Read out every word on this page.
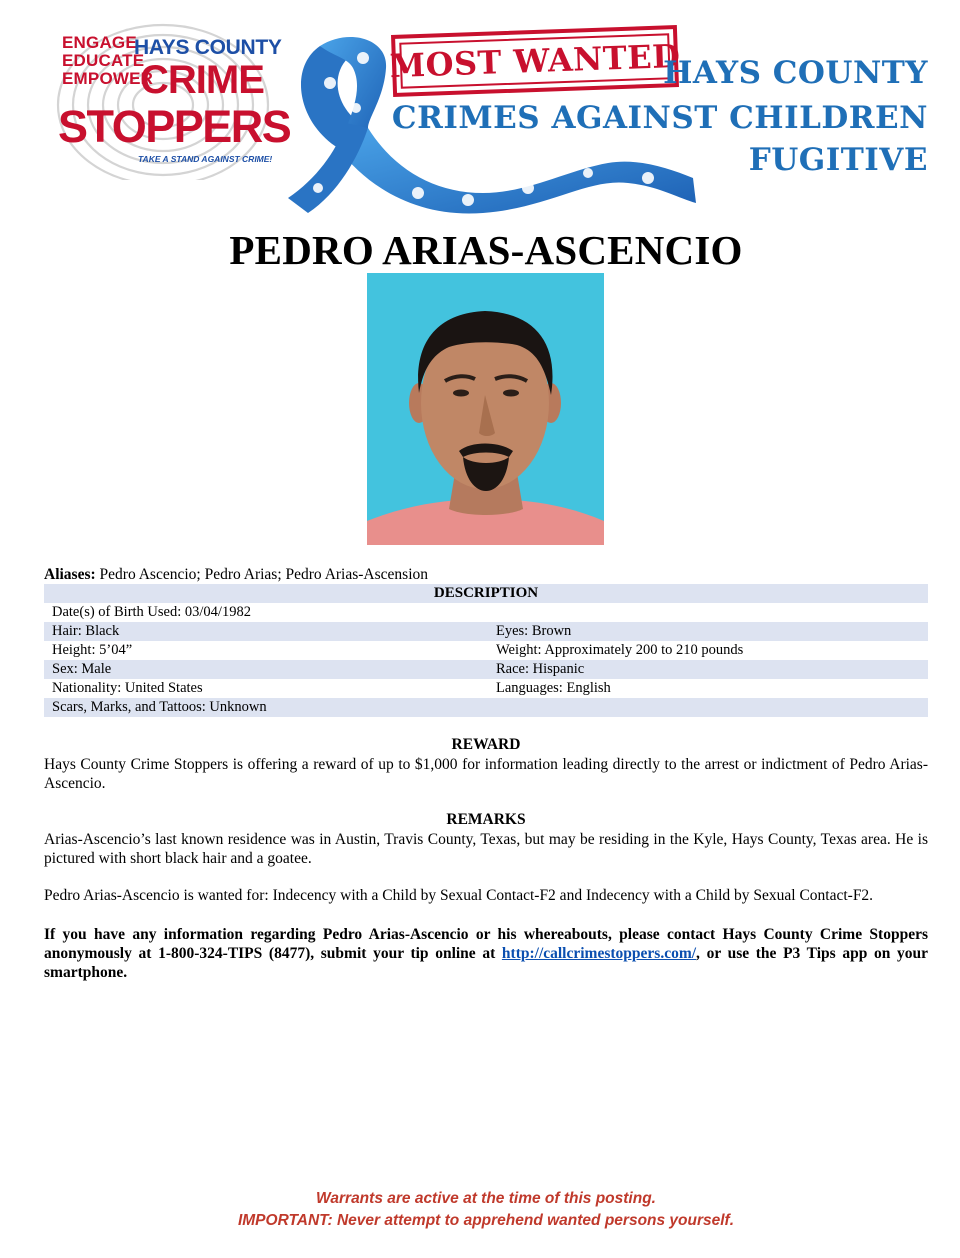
ENGAGE
EDUCATE
EMPOWER
HAYS COUNTY
CRIME
STOPPERS
TAKE A STAND AGAINST CRIME!
MOST WANTED
HAYS COUNTY
CRIMES AGAINST CHILDREN
FUGITIVE
PEDRO ARIAS-ASCENCIO
Aliases: Pedro Ascencio; Pedro Arias; Pedro Arias-Ascension
DESCRIPTION
Date(s) of Birth Used: 03/04/1982
Hair: Black	Eyes: Brown
Height: 5’04”	Weight: Approximately 200 to 210 pounds
Sex: Male	Race: Hispanic
Nationality: United States	Languages: English
Scars, Marks, and Tattoos: Unknown
REWARD
Hays County Crime Stoppers is offering a reward of up to $1,000 for information leading directly to the arrest or indictment of Pedro Arias-Ascencio.
REMARKS
Arias-Ascencio’s last known residence was in Austin, Travis County, Texas, but may be residing in the Kyle, Hays County, Texas area. He is pictured with short black hair and a goatee.
Pedro Arias-Ascencio is wanted for: Indecency with a Child by Sexual Contact-F2 and Indecency with a Child by Sexual Contact-F2.
If you have any information regarding Pedro Arias-Ascencio or his whereabouts, please contact Hays County Crime Stoppers anonymously at 1-800-324-TIPS (8477), submit your tip online at http://callcrimestoppers.com/, or use the P3 Tips app on your smartphone.
Warrants are active at the time of this posting.
IMPORTANT: Never attempt to apprehend wanted persons yourself.
